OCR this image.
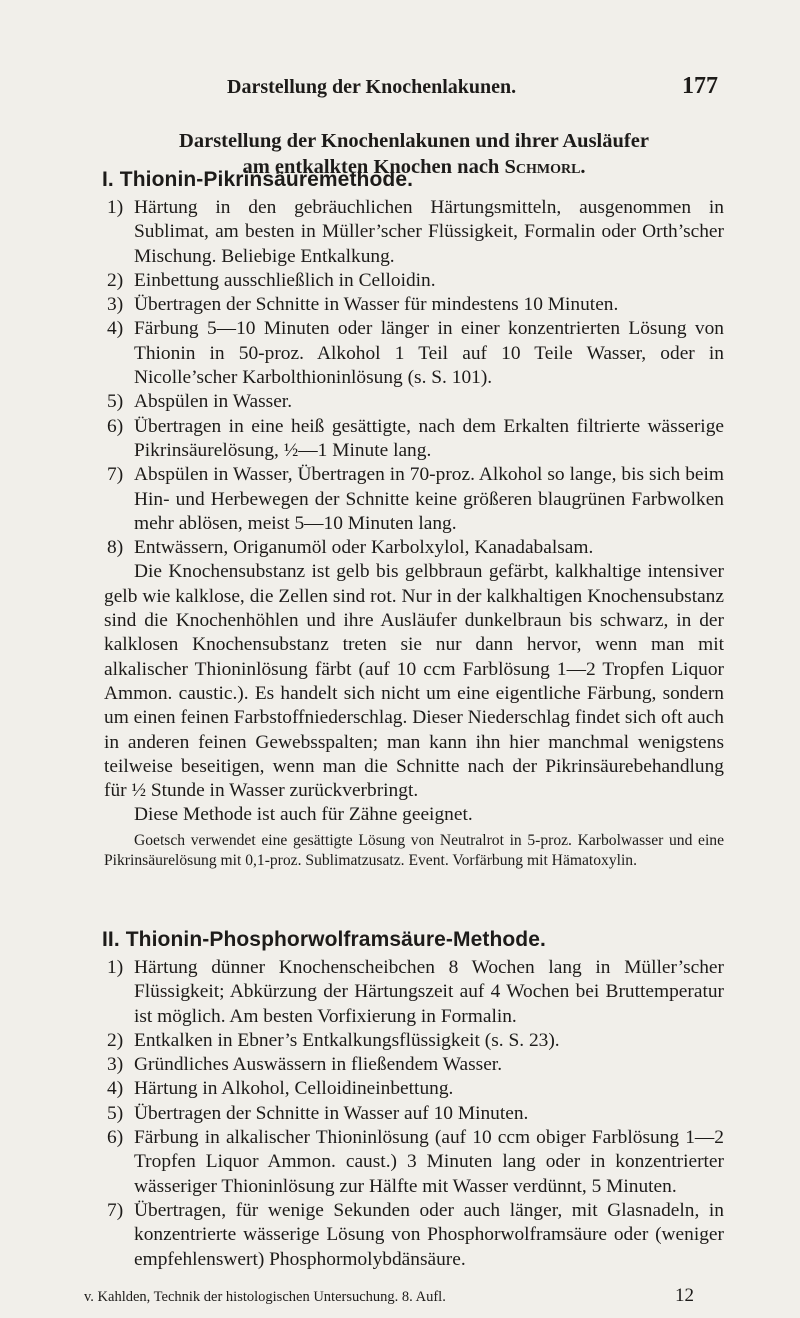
Darstellung der Knochenlakunen.	177
Darstellung der Knochenlakunen und ihrer Ausläufer
am entkalkten Knochen nach Schmorl.
I. Thionin-Pikrinsäuremethode.
1) Härtung in den gebräuchlichen Härtungsmitteln, ausgenommen in Sublimat, am besten in Müller’scher Flüssigkeit, Formalin oder Orth’scher Mischung. Beliebige Entkalkung.
2) Einbettung ausschließlich in Celloidin.
3) Übertragen der Schnitte in Wasser für mindestens 10 Minuten.
4) Färbung 5—10 Minuten oder länger in einer konzentrierten Lösung von Thionin in 50-proz. Alkohol 1 Teil auf 10 Teile Wasser, oder in Nicolle’scher Karbolthioninlösung (s. S. 101).
5) Abspülen in Wasser.
6) Übertragen in eine heiß gesättigte, nach dem Erkalten filtrierte wässerige Pikrinsäurelösung, ½—1 Minute lang.
7) Abspülen in Wasser, Übertragen in 70-proz. Alkohol so lange, bis sich beim Hin- und Herbewegen der Schnitte keine größeren blaugrünen Farbwolken mehr ablösen, meist 5—10 Minuten lang.
8) Entwässern, Origanumöl oder Karbolxylol, Kanadabalsam.

Die Knochensubstanz ist gelb bis gelbbraun gefärbt, kalkhaltige intensiver gelb wie kalklose, die Zellen sind rot. Nur in der kalkhaltigen Knochensubstanz sind die Knochenhöhlen und ihre Ausläufer dunkelbraun bis schwarz, in der kalklosen Knochensubstanz treten sie nur dann hervor, wenn man mit alkalischer Thioninlösung färbt (auf 10 ccm Farblösung 1—2 Tropfen Liquor Ammon. caustic.). Es handelt sich nicht um eine eigentliche Färbung, sondern um einen feinen Farbstoffniederschlag. Dieser Niederschlag findet sich oft auch in anderen feinen Gewebsspalten; man kann ihn hier manchmal wenigstens teilweise beseitigen, wenn man die Schnitte nach der Pikrinsäurebehandlung für ½ Stunde in Wasser zurückverbringt.

Diese Methode ist auch für Zähne geeignet.

Goetsch verwendet eine gesättigte Lösung von Neutralrot in 5-proz. Karbolwasser und eine Pikrinsäurelösung mit 0,1-proz. Sublimatzusatz. Event. Vorfärbung mit Hämatoxylin.

II. Thionin-Phosphorwolframsäure-Methode.
1) Härtung dünner Knochenscheibchen 8 Wochen lang in Müller’scher Flüssigkeit; Abkürzung der Härtungszeit auf 4 Wochen bei Bruttemperatur ist möglich. Am besten Vorfixierung in Formalin.
2) Entkalken in Ebner’s Entkalkungsflüssigkeit (s. S. 23).
3) Gründliches Auswässern in fließendem Wasser.
4) Härtung in Alkohol, Celloidineinbettung.
5) Übertragen der Schnitte in Wasser auf 10 Minuten.
6) Färbung in alkalischer Thioninlösung (auf 10 ccm obiger Farblösung 1—2 Tropfen Liquor Ammon. caust.) 3 Minuten lang oder in konzentrierter wässeriger Thioninlösung zur Hälfte mit Wasser verdünnt, 5 Minuten.
7) Übertragen, für wenige Sekunden oder auch länger, mit Glasnadeln, in konzentrierte wässerige Lösung von Phosphorwolframsäure oder (weniger empfehlenswert) Phosphormolybdänsäure.
v. Kahlden, Technik der histologischen Untersuchung. 8. Aufl.	12
